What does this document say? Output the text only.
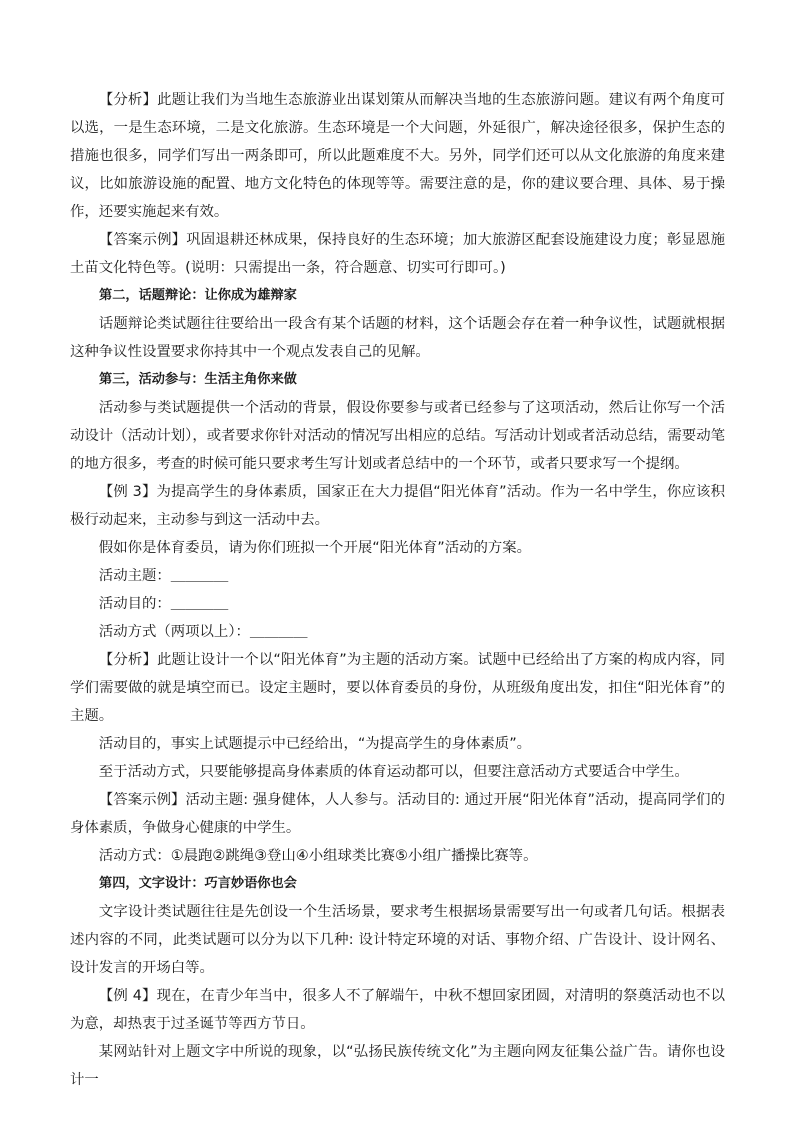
【分析】此题让我们为当地生态旅游业出谋划策从而解决当地的生态旅游问题。建议有两个角度可以选，一是生态环境，二是文化旅游。生态环境是一个大问题，外延很广，解决途径很多，保护生态的措施也很多，同学们写出一两条即可，所以此题难度不大。另外，同学们还可以从文化旅游的角度来建议，比如旅游设施的配置、地方文化特色的体现等等。需要注意的是，你的建议要合理、具体、易于操作，还要实施起来有效。

【答案示例】巩固退耕还林成果，保持良好的生态环境；加大旅游区配套设施建设力度；彰显恩施土苗文化特色等。(说明：只需提出一条，符合题意、切实可行即可。)

第二，话题辩论：让你成为雄辩家

话题辩论类试题往往要给出一段含有某个话题的材料，这个话题会存在着一种争议性，试题就根据这种争议性设置要求你持其中一个观点发表自己的见解。

第三，活动参与：生活主角你来做

活动参与类试题提供一个活动的背景，假设你要参与或者已经参与了这项活动，然后让你写一个活动设计（活动计划），或者要求你针对活动的情况写出相应的总结。写活动计划或者活动总结，需要动笔的地方很多，考查的时候可能只要求考生写计划或者总结中的一个环节，或者只要求写一个提纲。

【例 3】为提高学生的身体素质，国家正在大力提倡“阳光体育”活动。作为一名中学生，你应该积极行动起来，主动参与到这一活动中去。

假如你是体育委员，请为你们班拟一个开展“阳光体育”活动的方案。

活动主题：＿＿＿＿

活动目的：＿＿＿＿

活动方式（两项以上）：＿＿＿＿

【分析】此题让设计一个以“阳光体育”为主题的活动方案。试题中已经给出了方案的构成内容，同学们需要做的就是填空而已。设定主题时，要以体育委员的身份，从班级角度出发，扣住“阳光体育”的主题。

活动目的，事实上试题提示中已经给出，“为提高学生的身体素质”。

至于活动方式，只要能够提高身体素质的体育运动都可以，但要注意活动方式要适合中学生。

【答案示例】活动主题: 强身健体，人人参与。活动目的: 通过开展“阳光体育”活动，提高同学们的身体素质，争做身心健康的中学生。

活动方式：①晨跑②跳绳③登山④小组球类比赛⑤小组广播操比赛等。

第四，文字设计：巧言妙语你也会

文字设计类试题往往是先创设一个生活场景，要求考生根据场景需要写出一句或者几句话。根据表述内容的不同，此类试题可以分为以下几种: 设计特定环境的对话、事物介绍、广告设计、设计网名、设计发言的开场白等。

【例 4】现在，在青少年当中，很多人不了解端午，中秋不想回家团圆，对清明的祭奠活动也不以为意，却热衷于过圣诞节等西方节日。

某网站针对上题文字中所说的现象，以“弘扬民族传统文化”为主题向网友征集公益广告。请你也设计一
